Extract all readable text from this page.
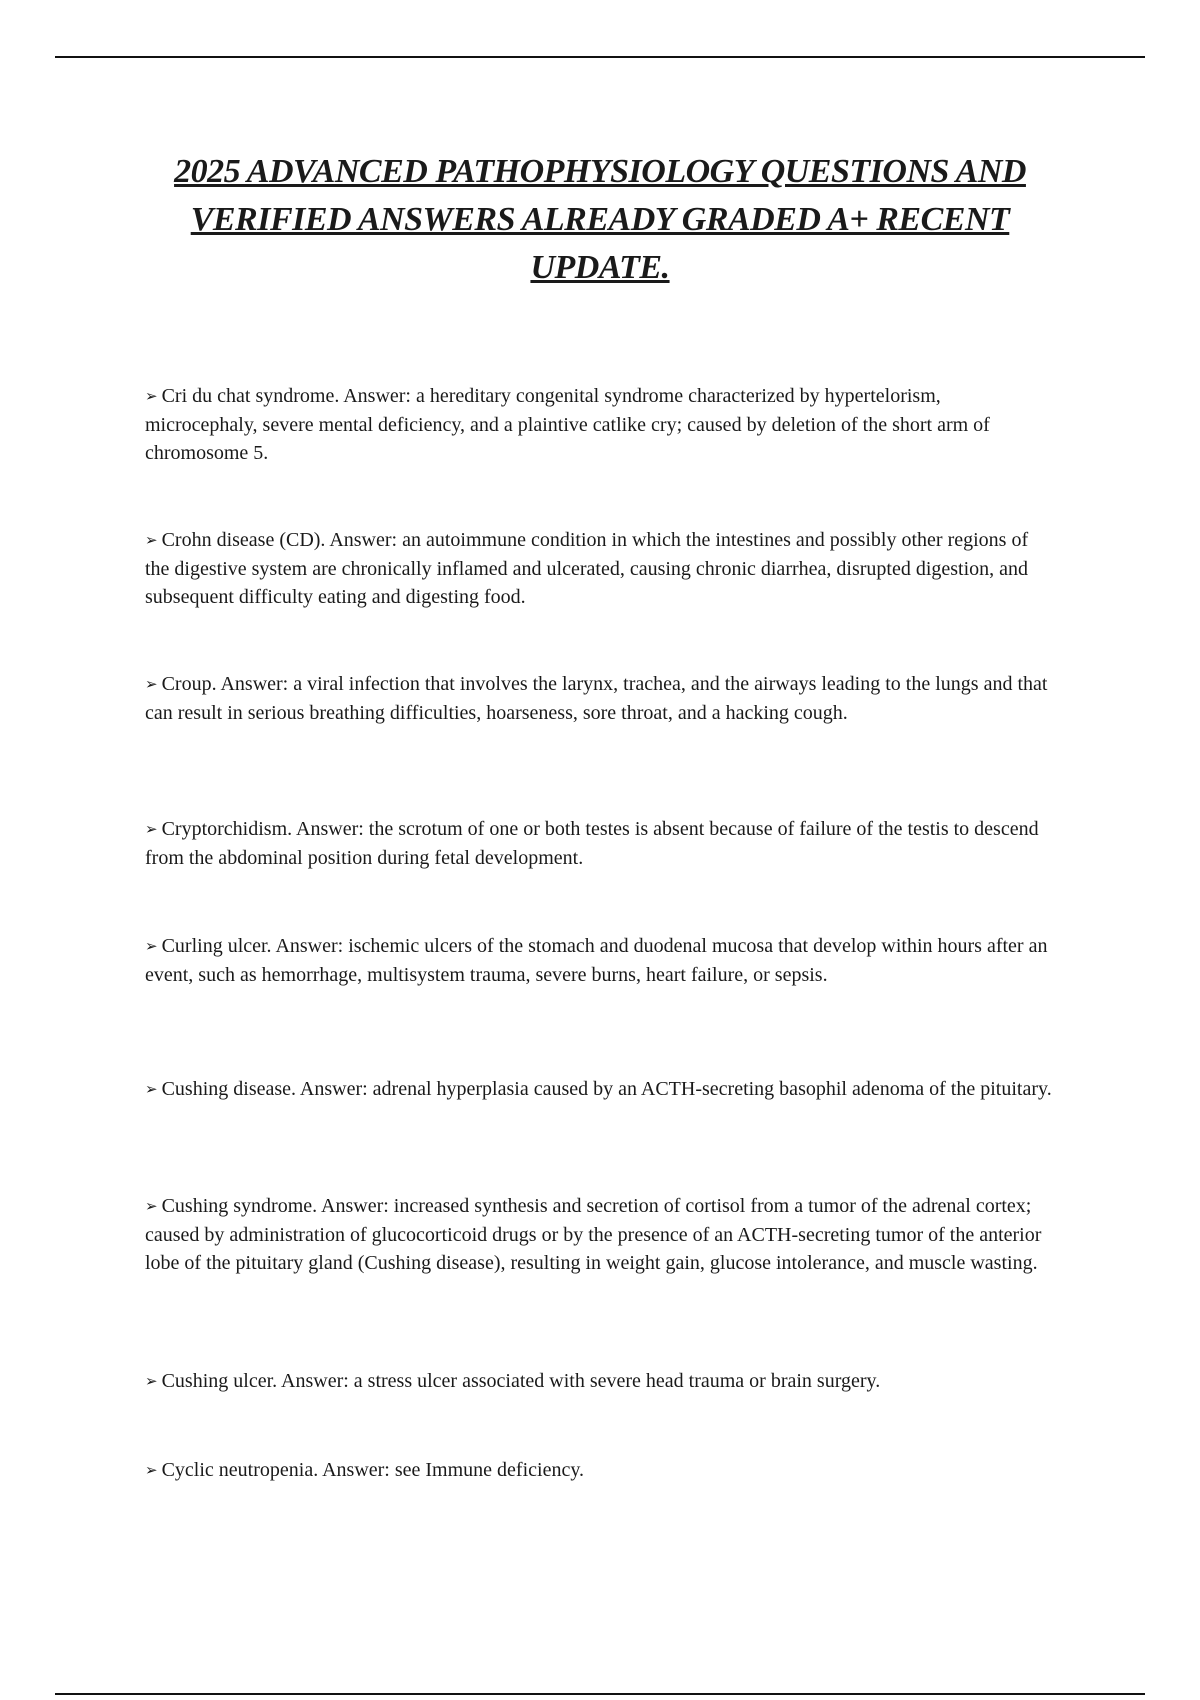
2025 ADVANCED PATHOPHYSIOLOGY QUESTIONS AND
VERIFIED ANSWERS ALREADY GRADED A+ RECENT
UPDATE.

➢ Cri du chat syndrome. Answer: a hereditary congenital syndrome characterized by hypertelorism, microcephaly, severe mental deficiency, and a plaintive catlike cry; caused by deletion of the short arm of chromosome 5.

➢ Crohn disease (CD). Answer: an autoimmune condition in which the intestines and possibly other regions of the digestive system are chronically inflamed and ulcerated, causing chronic diarrhea, disrupted digestion, and subsequent difficulty eating and digesting food.

➢ Croup. Answer: a viral infection that involves the larynx, trachea, and the airways leading to the lungs and that can result in serious breathing difficulties, hoarseness, sore throat, and a hacking cough.

➢ Cryptorchidism. Answer: the scrotum of one or both testes is absent because of failure of the testis to descend from the abdominal position during fetal development.

➢ Curling ulcer. Answer: ischemic ulcers of the stomach and duodenal mucosa that develop within hours after an event, such as hemorrhage, multisystem trauma, severe burns, heart failure, or sepsis.

➢ Cushing disease. Answer: adrenal hyperplasia caused by an ACTH-secreting basophil adenoma of the pituitary.

➢ Cushing syndrome. Answer: increased synthesis and secretion of cortisol from a tumor of the adrenal cortex; caused by administration of glucocorticoid drugs or by the presence of an ACTH-secreting tumor of the anterior lobe of the pituitary gland (Cushing disease), resulting in weight gain, glucose intolerance, and muscle wasting.

➢ Cushing ulcer. Answer: a stress ulcer associated with severe head trauma or brain surgery.

➢ Cyclic neutropenia. Answer: see Immune deficiency.
